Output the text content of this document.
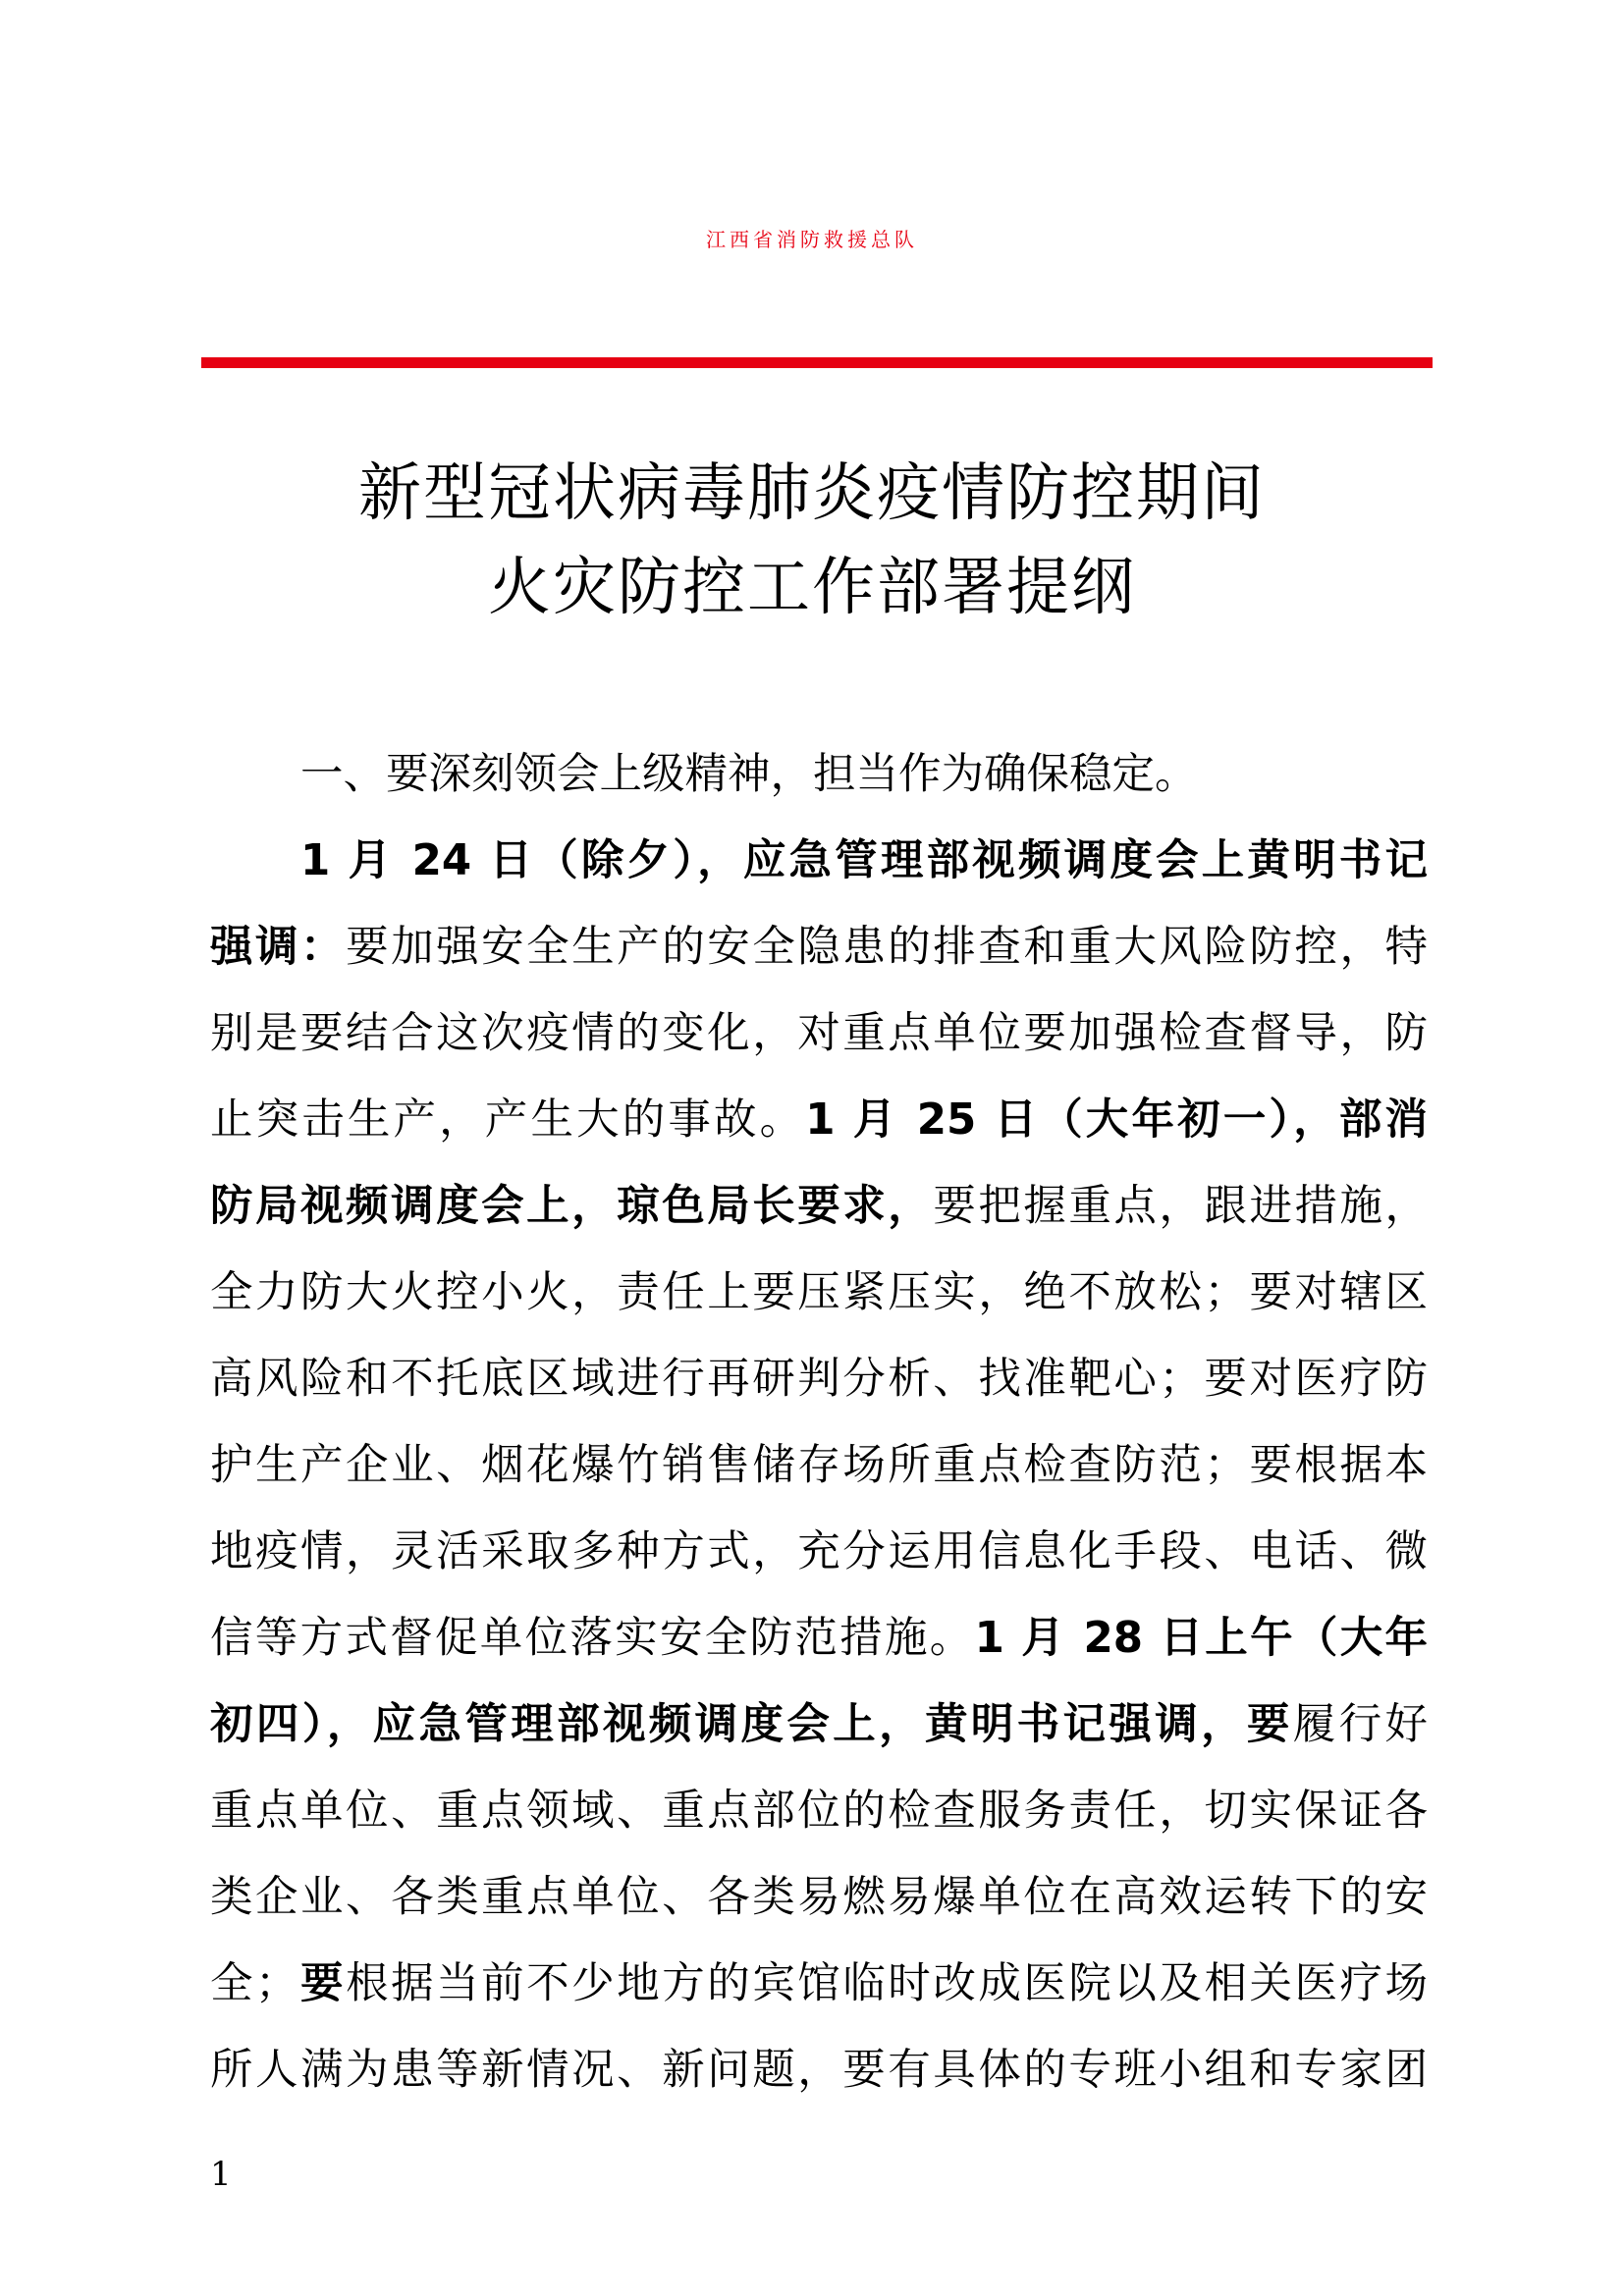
江西省消防救援总队
新型冠状病毒肺炎疫情防控期间
火灾防控工作部署提纲
一、要深刻领会上级精神，担当作为确保稳定。
1 月 24 日（除夕），应急管理部视频调度会上黄明书记
强调：要加强安全生产的安全隐患的排查和重大风险防控，特
别是要结合这次疫情的变化，对重点单位要加强检查督导，防
止突击生产，产生大的事故。1 月 25 日（大年初一），部消
防局视频调度会上，琼色局长要求，要把握重点，跟进措施，
全力防大火控小火，责任上要压紧压实，绝不放松；要对辖区
高风险和不托底区域进行再研判分析、找准靶心；要对医疗防
护生产企业、烟花爆竹销售储存场所重点检查防范；要根据本
地疫情，灵活采取多种方式，充分运用信息化手段、电话、微
信等方式督促单位落实安全防范措施。1 月 28 日上午（大年
初四），应急管理部视频调度会上，黄明书记强调，要履行好
重点单位、重点领域、重点部位的检查服务责任，切实保证各
类企业、各类重点单位、各类易燃易爆单位在高效运转下的安
全；要根据当前不少地方的宾馆临时改成医院以及相关医疗场
所人满为患等新情况、新问题，要有具体的专班小组和专家团
1
